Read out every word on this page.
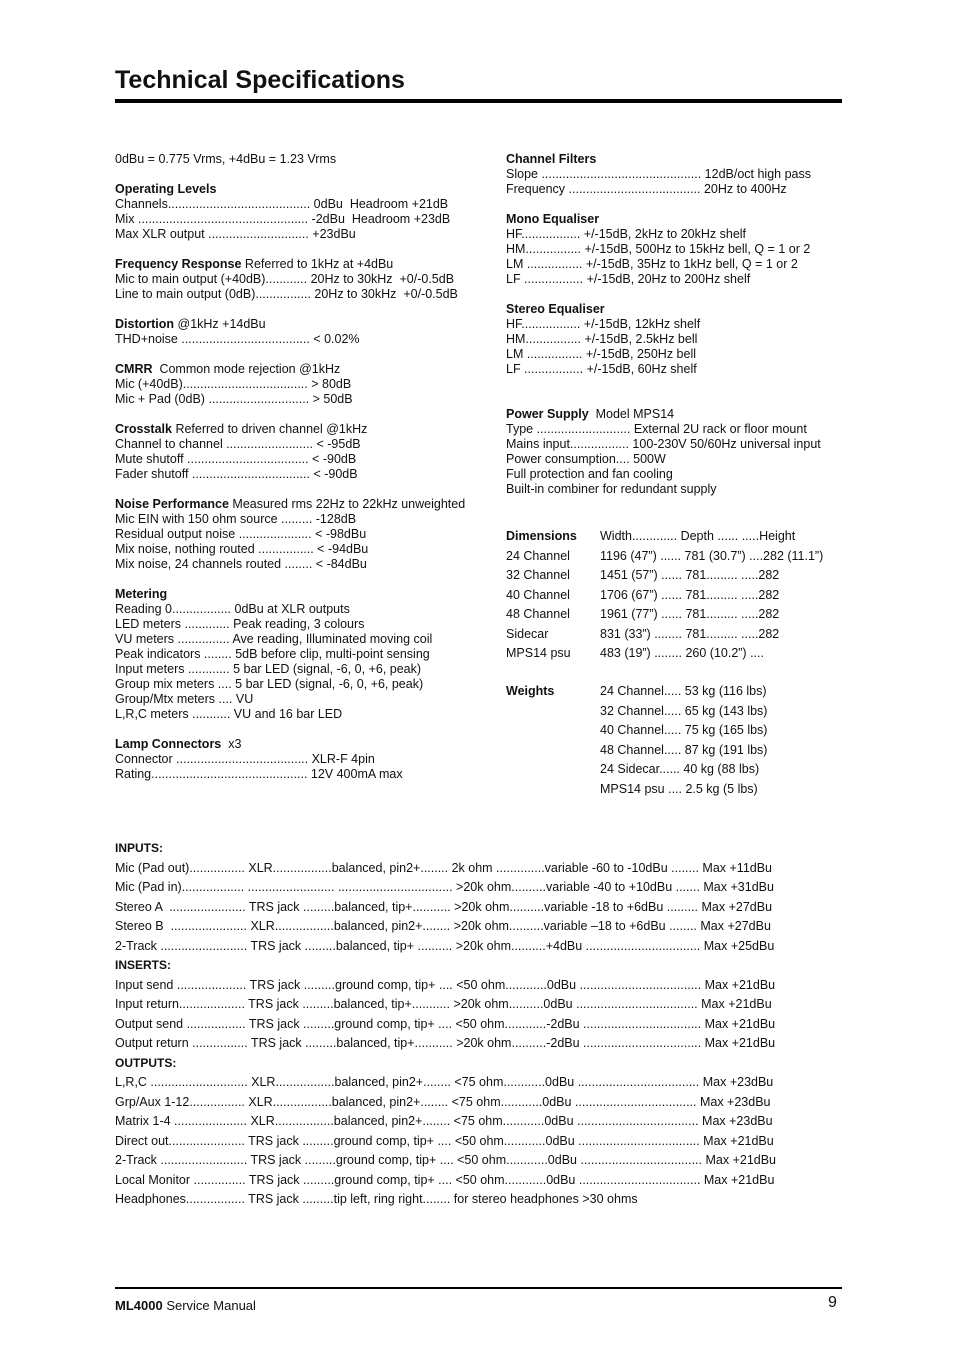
Technical Specifications
0dBu = 0.775 Vrms, +4dBu = 1.23 Vrms
Operating Levels
Channels......................................... 0dBu  Headroom +21dB
Mix ................................................. -2dBu  Headroom +23dB
Max XLR output ............................. +23dBu
Frequency Response Referred to 1kHz at +4dBu
Mic to main output (+40dB)............ 20Hz to 30kHz  +0/-0.5dB
Line to main output (0dB)................ 20Hz to 30kHz  +0/-0.5dB
Distortion @1kHz +14dBu
THD+noise ..................................... < 0.02%
CMRR  Common mode rejection @1kHz
Mic (+40dB).................................... > 80dB
Mic + Pad (0dB) ............................. > 50dB
Crosstalk Referred to driven channel @1kHz
Channel to channel ......................... < -95dB
Mute shutoff ................................... < -90dB
Fader shutoff .................................. < -90dB
Noise Performance Measured rms 22Hz to 22kHz unweighted
Mic EIN with 150 ohm source ......... -128dB
Residual output noise ..................... < -98dBu
Mix noise, nothing routed ................ < -94dBu
Mix noise, 24 channels routed ........ < -84dBu
Metering
Reading 0................. 0dBu at XLR outputs
LED meters ............. Peak reading, 3 colours
VU meters ............... Ave reading, Illuminated moving coil
Peak indicators ........ 5dB before clip, multi-point sensing
Input meters ............ 5 bar LED (signal, -6, 0, +6, peak)
Group mix meters .... 5 bar LED (signal, -6, 0, +6, peak)
Group/Mtx meters .... VU
L,R,C meters ........... VU and 16 bar LED
Lamp Connectors  x3
Connector ...................................... XLR-F 4pin
Rating............................................. 12V 400mA max
Channel Filters
Slope .............................................. 12dB/oct high pass
Frequency ...................................... 20Hz to 400Hz
Mono Equaliser
HF................. +/-15dB, 2kHz to 20kHz shelf
HM................ +/-15dB, 500Hz to 15kHz bell, Q = 1 or 2
LM ................ +/-15dB, 35Hz to 1kHz bell, Q = 1 or 2
LF ................. +/-15dB, 20Hz to 200Hz shelf
Stereo Equaliser
HF................. +/-15dB, 12kHz shelf
HM................ +/-15dB, 2.5kHz bell
LM ................ +/-15dB, 250Hz bell
LF ................. +/-15dB, 60Hz shelf
Power Supply  Model MPS14
Type ........................... External 2U rack or floor mount
Mains input................. 100-230V 50/60Hz universal input
Power consumption.... 500W
Full protection and fan cooling
Built-in combiner for redundant supply
Dimensions Width............. Depth ...... .....Height
24 Channel 1196 (47”) ...... 781 (30.7”) ....282 (11.1”)
32 Channel 1451 (57”) ...... 781......... .....282
40 Channel 1706 (67”) ...... 781......... .....282
48 Channel 1961 (77”) ...... 781......... .....282
Sidecar	831 (33”) ........ 781......... .....282
MPS14 psu 483 (19”) ........ 260 (10.2”) ....
Weights	24 Channel..... 53 kg (116 lbs)
32 Channel..... 65 kg (143 lbs)
40 Channel..... 75 kg (165 lbs)
48 Channel..... 87 kg (191 lbs)
24 Sidecar...... 40 kg (88 lbs)
MPS14 psu .... 2.5 kg (5 lbs)
INPUTS:
Mic (Pad out)................ XLR.................balanced, pin2+........ 2k ohm ..............variable -60 to -10dBu ........ Max +11dBu
Mic (Pad in).................. ......................... ................................. >20k ohm..........variable -40 to +10dBu ....... Max +31dBu
Stereo A  ...................... TRS jack .........balanced, tip+........... >20k ohm..........variable -18 to +6dBu ......... Max +27dBu
Stereo B  ...................... XLR.................balanced, pin2+........ >20k ohm..........variable –18 to +6dBu ........ Max +27dBu
2-Track ......................... TRS jack .........balanced, tip+ .......... >20k ohm..........+4dBu ................................. Max +25dBu
INSERTS:
Input send .................... TRS jack .........ground comp, tip+ .... <50 ohm............0dBu ................................... Max +21dBu
Input return................... TRS jack .........balanced, tip+........... >20k ohm..........0dBu ................................... Max +21dBu
Output send ................. TRS jack .........ground comp, tip+ .... <50 ohm............-2dBu .................................. Max +21dBu
Output return ................ TRS jack .........balanced, tip+........... >20k ohm..........-2dBu .................................. Max +21dBu
OUTPUTS:
L,R,C ............................ XLR.................balanced, pin2+........ <75 ohm............0dBu ................................... Max +23dBu
Grp/Aux 1-12................ XLR.................balanced, pin2+........ <75 ohm............0dBu ................................... Max +23dBu
Matrix 1-4 ..................... XLR.................balanced, pin2+........ <75 ohm............0dBu ................................... Max +23dBu
Direct out...................... TRS jack .........ground comp, tip+ .... <50 ohm............0dBu ................................... Max +21dBu
2-Track ......................... TRS jack .........ground comp, tip+ .... <50 ohm............0dBu ................................... Max +21dBu
Local Monitor ............... TRS jack .........ground comp, tip+ .... <50 ohm............0dBu ................................... Max +21dBu
Headphones................. TRS jack .........tip left, ring right........ for stereo headphones >30 ohms
ML4000 Service Manual	9
